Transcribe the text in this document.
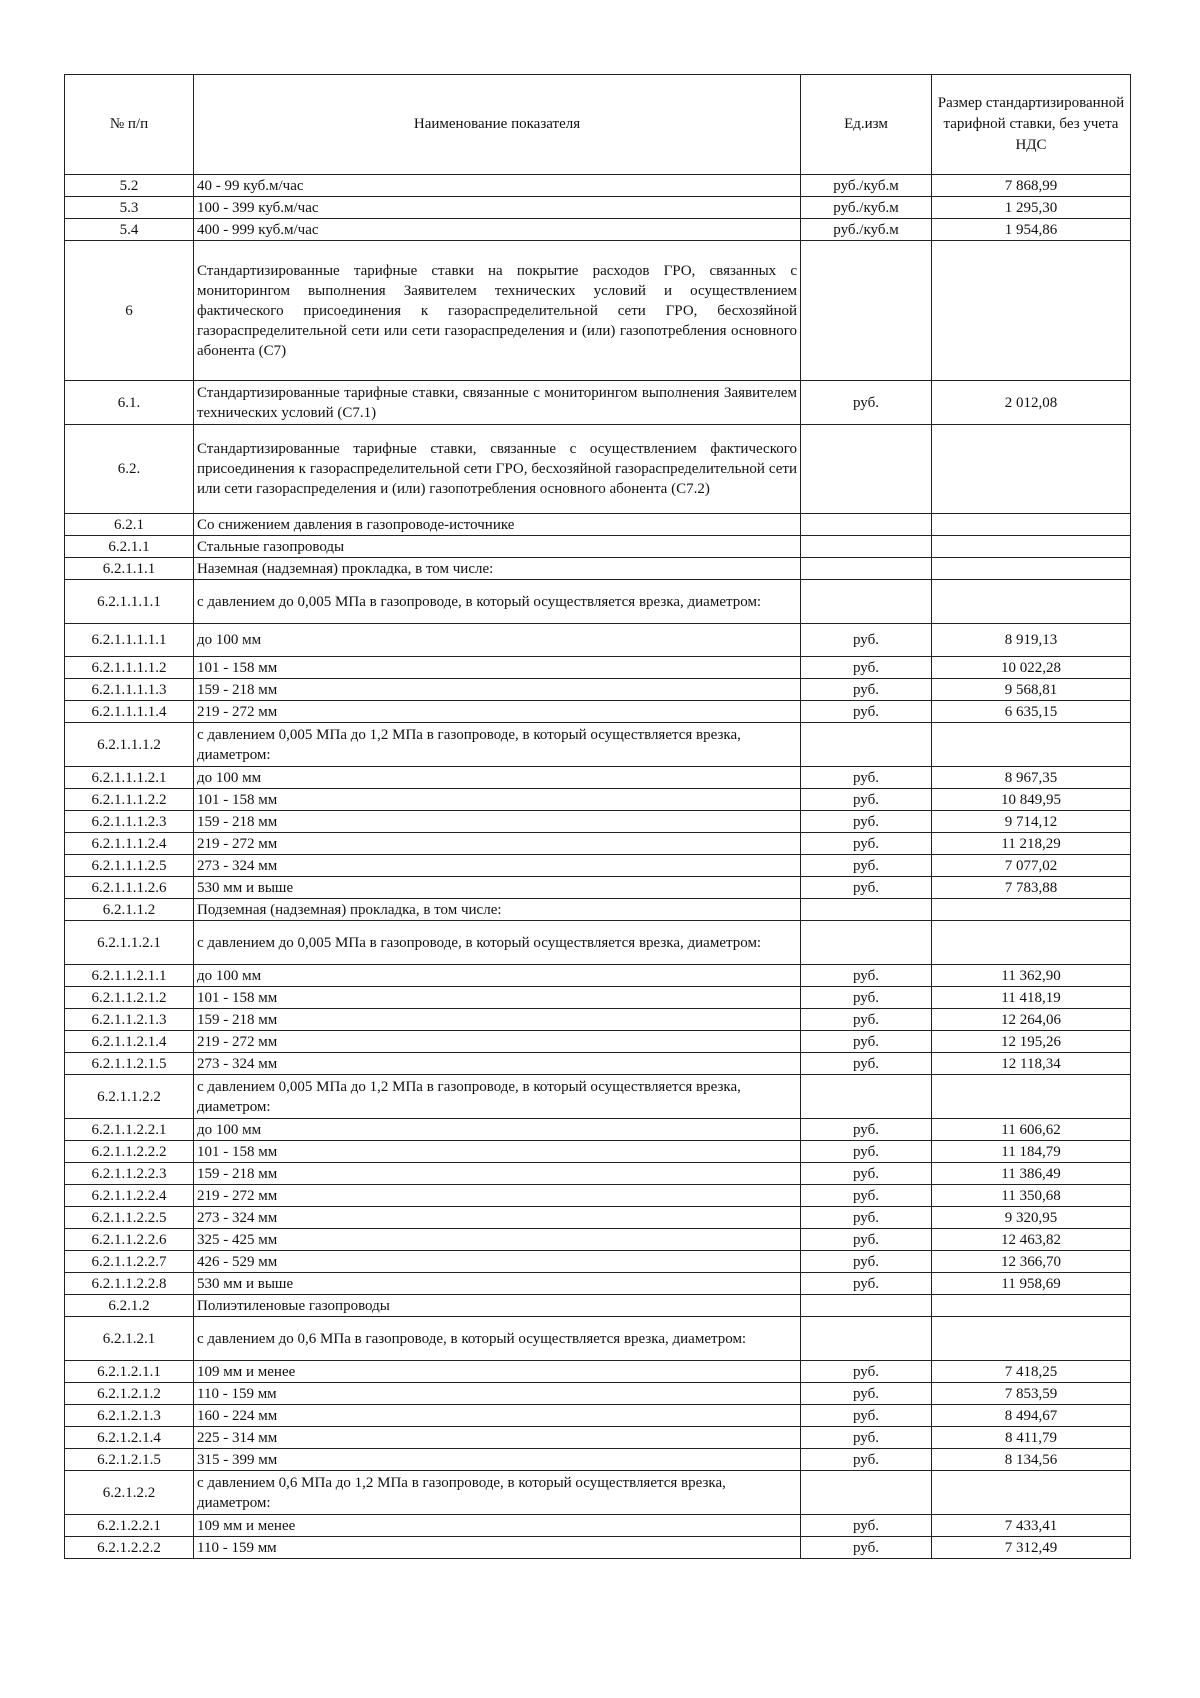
№ п/п	Наименование показателя	Ед.изм	Размер стандартизированной тарифной ставки, без учета НДС
5.2	40 - 99 куб.м/час	руб./куб.м	7 868,99
5.3	100 - 399 куб.м/час	руб./куб.м	1 295,30
5.4	400 - 999 куб.м/час	руб./куб.м	1 954,86
6	Стандартизированные тарифные ставки на покрытие расходов ГРО, связанных с мониторингом выполнения Заявителем технических условий и осуществлением фактического присоединения к газораспределительной сети ГРО, бесхозяйной газораспределительной сети или сети газораспределения и (или) газопотребления основного абонента (С7)		
6.1.	Стандартизированные тарифные ставки, связанные с мониторингом выполнения Заявителем технических условий (С7.1)	руб.	2 012,08
6.2.	Стандартизированные тарифные ставки, связанные с осуществлением фактического присоединения к газораспределительной сети ГРО, бесхозяйной газораспределительной сети или сети газораспределения и (или) газопотребления основного абонента (С7.2)		
6.2.1	Со снижением давления в газопроводе-источнике		
6.2.1.1	Стальные газопроводы		
6.2.1.1.1	Наземная (надземная) прокладка, в том числе:		
6.2.1.1.1.1	с давлением до 0,005 МПа в газопроводе, в который осуществляется врезка, диаметром:		
6.2.1.1.1.1.1	до 100 мм	руб.	8 919,13
6.2.1.1.1.1.2	101 - 158 мм	руб.	10 022,28
6.2.1.1.1.1.3	159 - 218 мм	руб.	9 568,81
6.2.1.1.1.1.4	219 - 272 мм	руб.	6 635,15
6.2.1.1.1.2	с давлением 0,005 МПа до 1,2 МПа в газопроводе, в который осуществляется врезка, диаметром:		
6.2.1.1.1.2.1	до 100 мм	руб.	8 967,35
6.2.1.1.1.2.2	101 - 158 мм	руб.	10 849,95
6.2.1.1.1.2.3	159 - 218 мм	руб.	9 714,12
6.2.1.1.1.2.4	219 - 272 мм	руб.	11 218,29
6.2.1.1.1.2.5	273 - 324 мм	руб.	7 077,02
6.2.1.1.1.2.6	530 мм и выше	руб.	7 783,88
6.2.1.1.2	Подземная (надземная) прокладка, в том числе:		
6.2.1.1.2.1	с давлением до 0,005 МПа в газопроводе, в который осуществляется врезка, диаметром:		
6.2.1.1.2.1.1	до 100 мм	руб.	11 362,90
6.2.1.1.2.1.2	101 - 158 мм	руб.	11 418,19
6.2.1.1.2.1.3	159 - 218 мм	руб.	12 264,06
6.2.1.1.2.1.4	219 - 272 мм	руб.	12 195,26
6.2.1.1.2.1.5	273 - 324 мм	руб.	12 118,34
6.2.1.1.2.2	с давлением 0,005 МПа до 1,2 МПа в газопроводе, в который осуществляется врезка, диаметром:		
6.2.1.1.2.2.1	до 100 мм	руб.	11 606,62
6.2.1.1.2.2.2	101 - 158 мм	руб.	11 184,79
6.2.1.1.2.2.3	159 - 218 мм	руб.	11 386,49
6.2.1.1.2.2.4	219 - 272 мм	руб.	11 350,68
6.2.1.1.2.2.5	273 - 324 мм	руб.	9 320,95
6.2.1.1.2.2.6	325 - 425 мм	руб.	12 463,82
6.2.1.1.2.2.7	426 - 529 мм	руб.	12 366,70
6.2.1.1.2.2.8	530 мм и выше	руб.	11 958,69
6.2.1.2	Полиэтиленовые газопроводы		
6.2.1.2.1	с давлением до 0,6 МПа в газопроводе, в который осуществляется врезка, диаметром:		
6.2.1.2.1.1	109 мм и менее	руб.	7 418,25
6.2.1.2.1.2	110 - 159 мм	руб.	7 853,59
6.2.1.2.1.3	160 - 224 мм	руб.	8 494,67
6.2.1.2.1.4	225 - 314 мм	руб.	8 411,79
6.2.1.2.1.5	315 - 399 мм	руб.	8 134,56
6.2.1.2.2	с давлением 0,6 МПа до 1,2 МПа в газопроводе, в который осуществляется врезка, диаметром:		
6.2.1.2.2.1	109 мм и менее	руб.	7 433,41
6.2.1.2.2.2	110 - 159 мм	руб.	7 312,49
